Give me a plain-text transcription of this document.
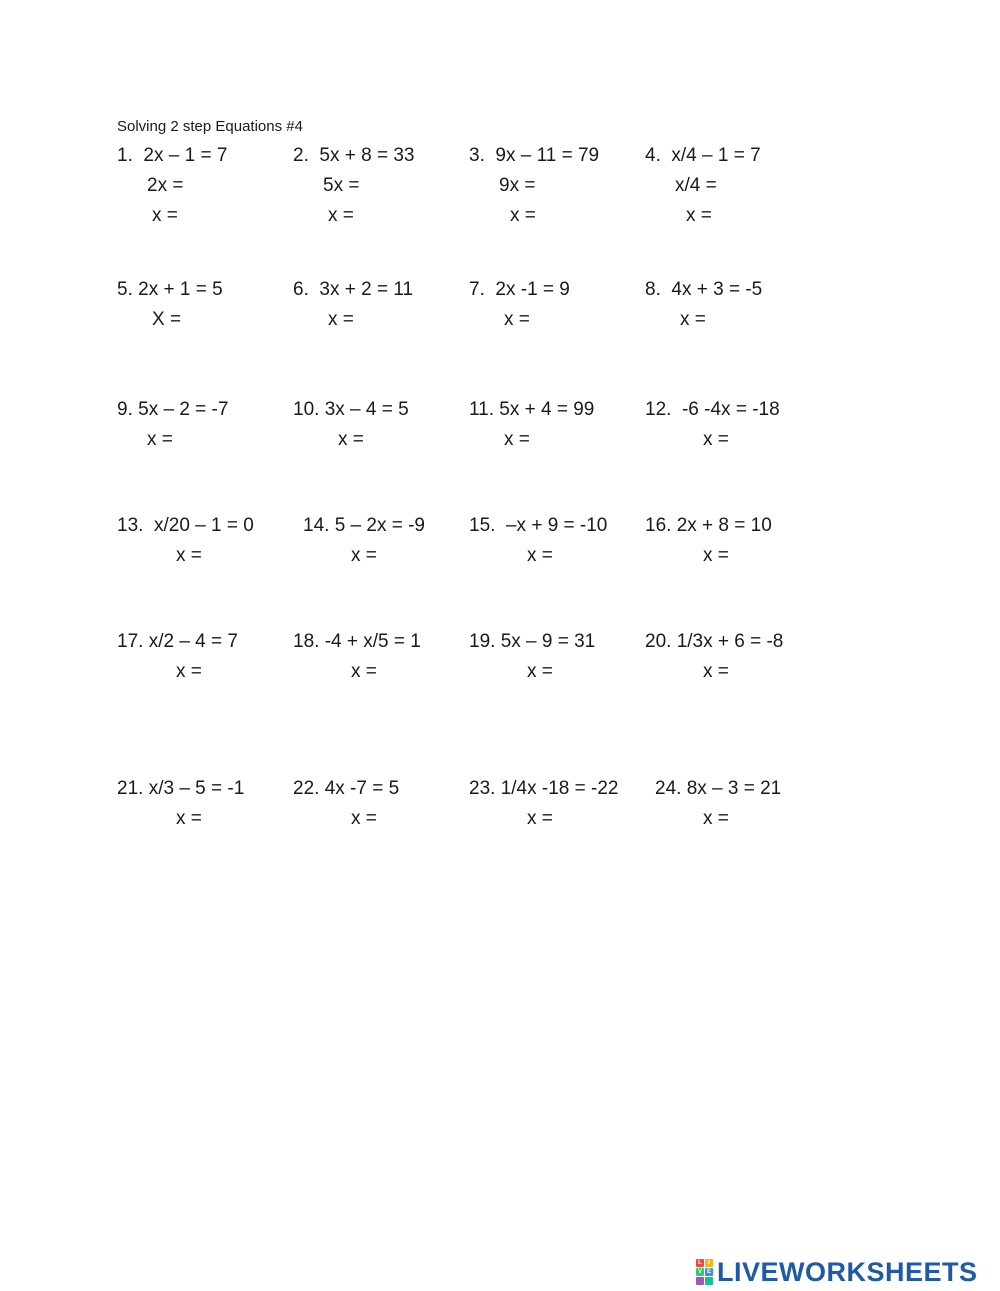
Solving 2 step Equations #4
1.  2x – 1 = 7
2x =
x =
2.  5x + 8 = 33
5x =
x =
3.  9x – 11 = 79
9x =
x =
4.  x/4 – 1 = 7
x/4 =
x =
5. 2x + 1 = 5
X =
6.  3x + 2 = 11
x =
7.  2x -1 = 9
x =
8.  4x + 3 = -5
x =
9. 5x – 2 = -7
x =
10. 3x – 4 = 5
x =
11. 5x + 4 = 99
x =
12.  -6 -4x = -18
x =
13.  x/20 – 1 = 0
x =
14. 5 – 2x = -9
x =
15.  –x + 9 = -10
x =
16. 2x + 8 = 10
x =
17. x/2 – 4 = 7
x =
18. -4 + x/5 = 1
x =
19. 5x – 9 = 31
x =
20. 1/3x + 6 = -8
x =
21. x/3 – 5 = -1
x =
22. 4x -7 = 5
x =
23. 1/4x -18 = -22
x =
24. 8x – 3 = 21
x =
L	I
V E LIVEWORKSHEETS
